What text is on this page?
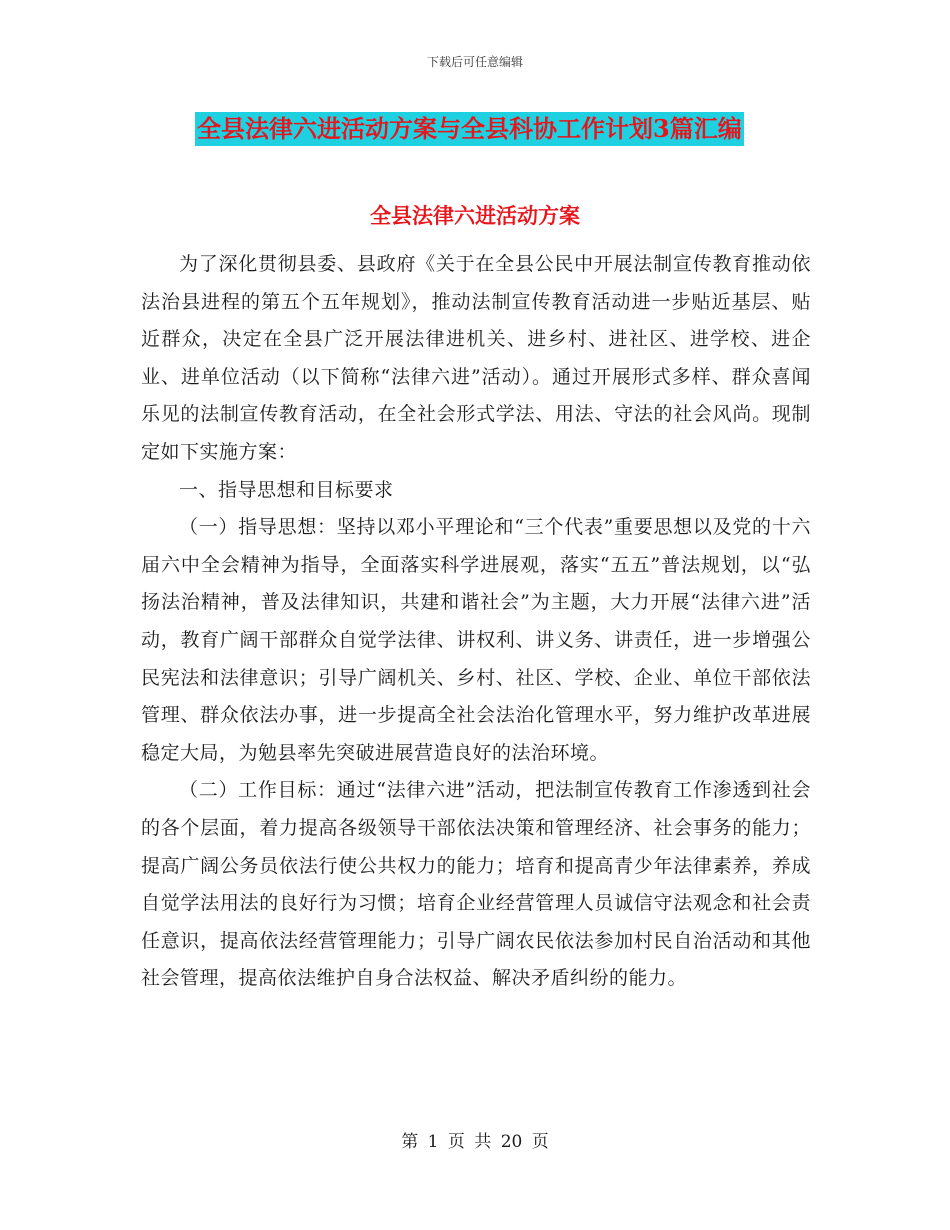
下载后可任意编辑
全县法律六进活动方案与全县科协工作计划3篇汇编
全县法律六进活动方案

为了深化贯彻县委、县政府《关于在全县公民中开展法制宣传教育推动依法治县进程的第五个五年规划》，推动法制宣传教育活动进一步贴近基层、贴近群众，决定在全县广泛开展法律进机关、进乡村、进社区、进学校、进企业、进单位活动（以下简称“法律六进”活动）。通过开展形式多样、群众喜闻乐见的法制宣传教育活动，在全社会形式学法、用法、守法的社会风尚。现制定如下实施方案：

一、指导思想和目标要求

（一）指导思想：坚持以邓小平理论和“三个代表”重要思想以及党的十六届六中全会精神为指导，全面落实科学进展观，落实“五五”普法规划，以“弘扬法治精神，普及法律知识，共建和谐社会”为主题，大力开展“法律六进”活动，教育广阔干部群众自觉学法律、讲权利、讲义务、讲责任，进一步增强公民宪法和法律意识；引导广阔机关、乡村、社区、学校、企业、单位干部依法管理、群众依法办事，进一步提高全社会法治化管理水平，努力维护改革进展稳定大局，为勉县率先突破进展营造良好的法治环境。

（二）工作目标：通过“法律六进”活动，把法制宣传教育工作渗透到社会的各个层面，着力提高各级领导干部依法决策和管理经济、社会事务的能力；提高广阔公务员依法行使公共权力的能力；培育和提高青少年法律素养，养成自觉学法用法的良好行为习惯；培育企业经营管理人员诚信守法观念和社会责任意识，提高依法经营管理能力；引导广阔农民依法参加村民自治活动和其他社会管理，提高依法维护自身合法权益、解决矛盾纠纷的能力。

第 1 页 共 20 页
